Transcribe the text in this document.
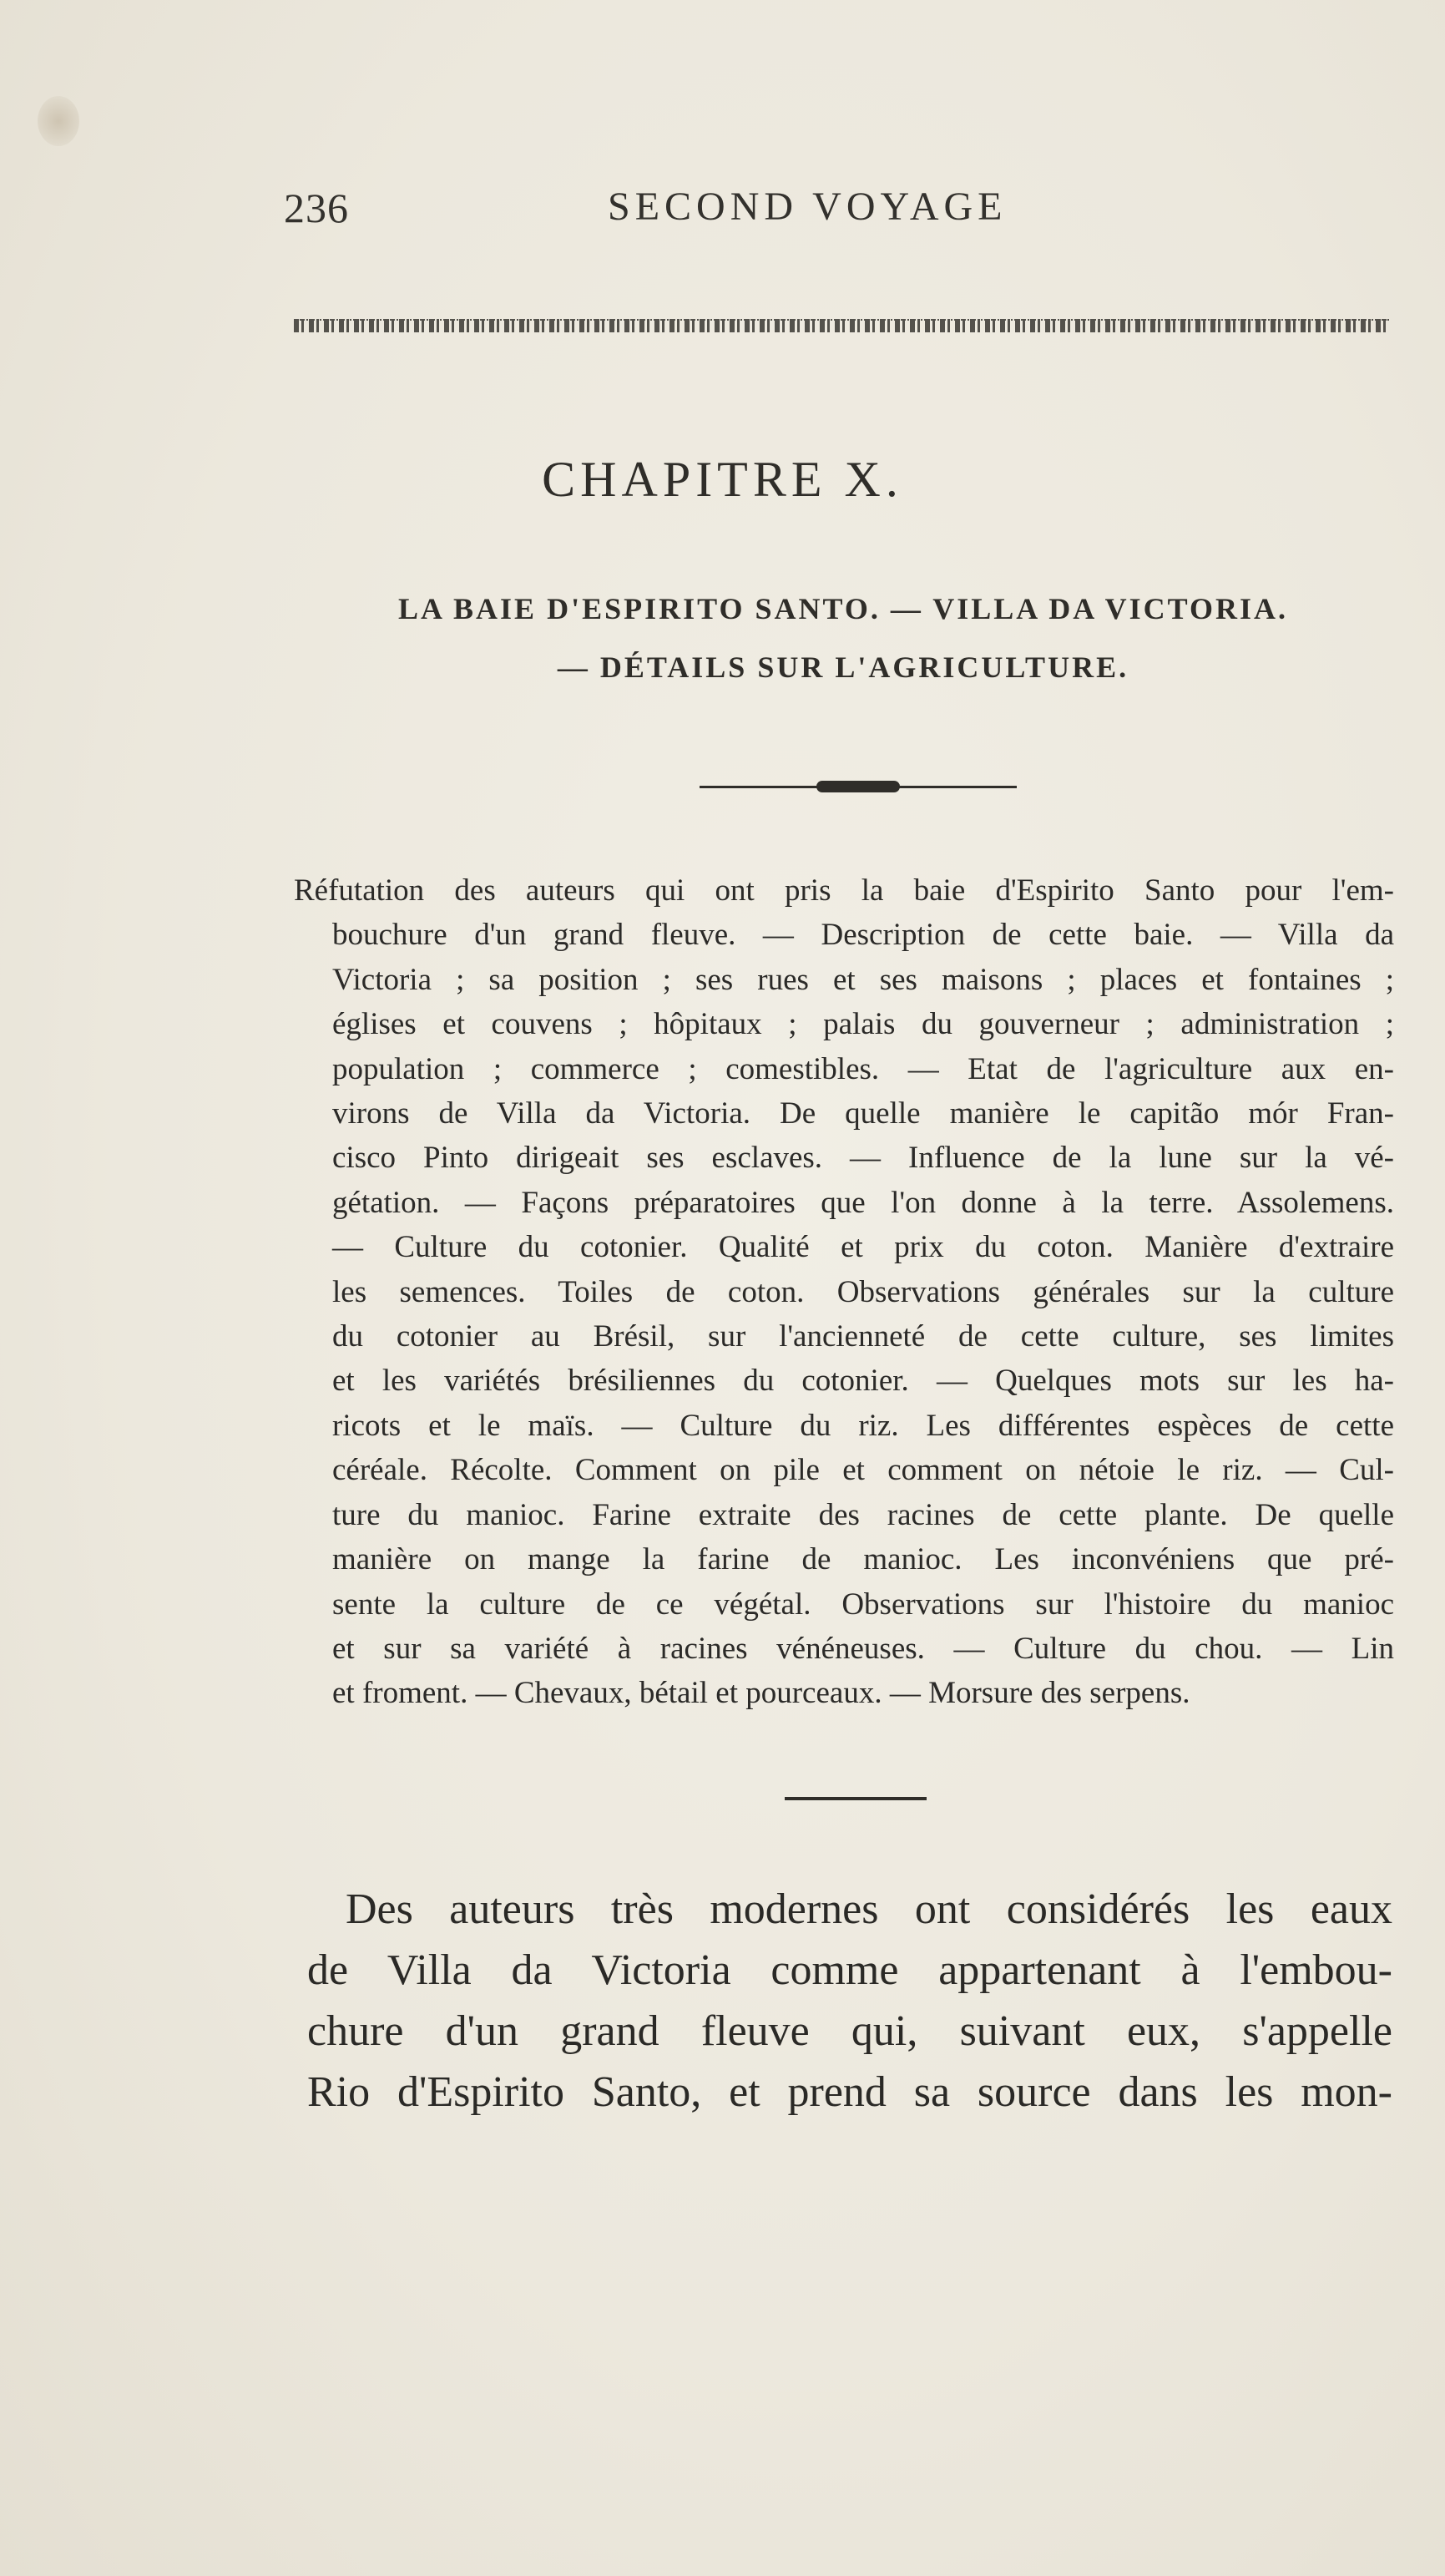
236	SECOND VOYAGE
CHAPITRE X.
LA BAIE D'ESPIRITO SANTO. — VILLA DA VICTORIA.
— DÉTAILS SUR L'AGRICULTURE.
Réfutation des auteurs qui ont pris la baie d'Espirito Santo pour l'em-
bouchure d'un grand fleuve. — Description de cette baie. — Villa da
Victoria ; sa position ; ses rues et ses maisons ; places et fontaines ;
églises et couvens ; hôpitaux ; palais du gouverneur ; administration ;
population ; commerce ; comestibles. — Etat de l'agriculture aux en-
virons de Villa da Victoria. De quelle manière le capitão mór Fran-
cisco Pinto dirigeait ses esclaves. — Influence de la lune sur la vé-
gétation. — Façons préparatoires que l'on donne à la terre. Assolemens.
— Culture du cotonier. Qualité et prix du coton. Manière d'extraire
les semences. Toiles de coton. Observations générales sur la culture
du cotonier au Brésil, sur l'ancienneté de cette culture, ses limites
et les variétés brésiliennes du cotonier. — Quelques mots sur les ha-
ricots et le maïs. — Culture du riz. Les différentes espèces de cette
céréale. Récolte. Comment on pile et comment on nétoie le riz. — Cul-
ture du manioc. Farine extraite des racines de cette plante. De quelle
manière on mange la farine de manioc. Les inconvéniens que pré-
sente la culture de ce végétal. Observations sur l'histoire du manioc
et sur sa variété à racines vénéneuses. — Culture du chou. — Lin
et froment. — Chevaux, bétail et pourceaux. — Morsure des serpens.
Des auteurs très modernes ont considérés les eaux
de Villa da Victoria comme appartenant à l'embou-
chure d'un grand fleuve qui, suivant eux, s'appelle
Rio d'Espirito Santo, et prend sa source dans les mon-
